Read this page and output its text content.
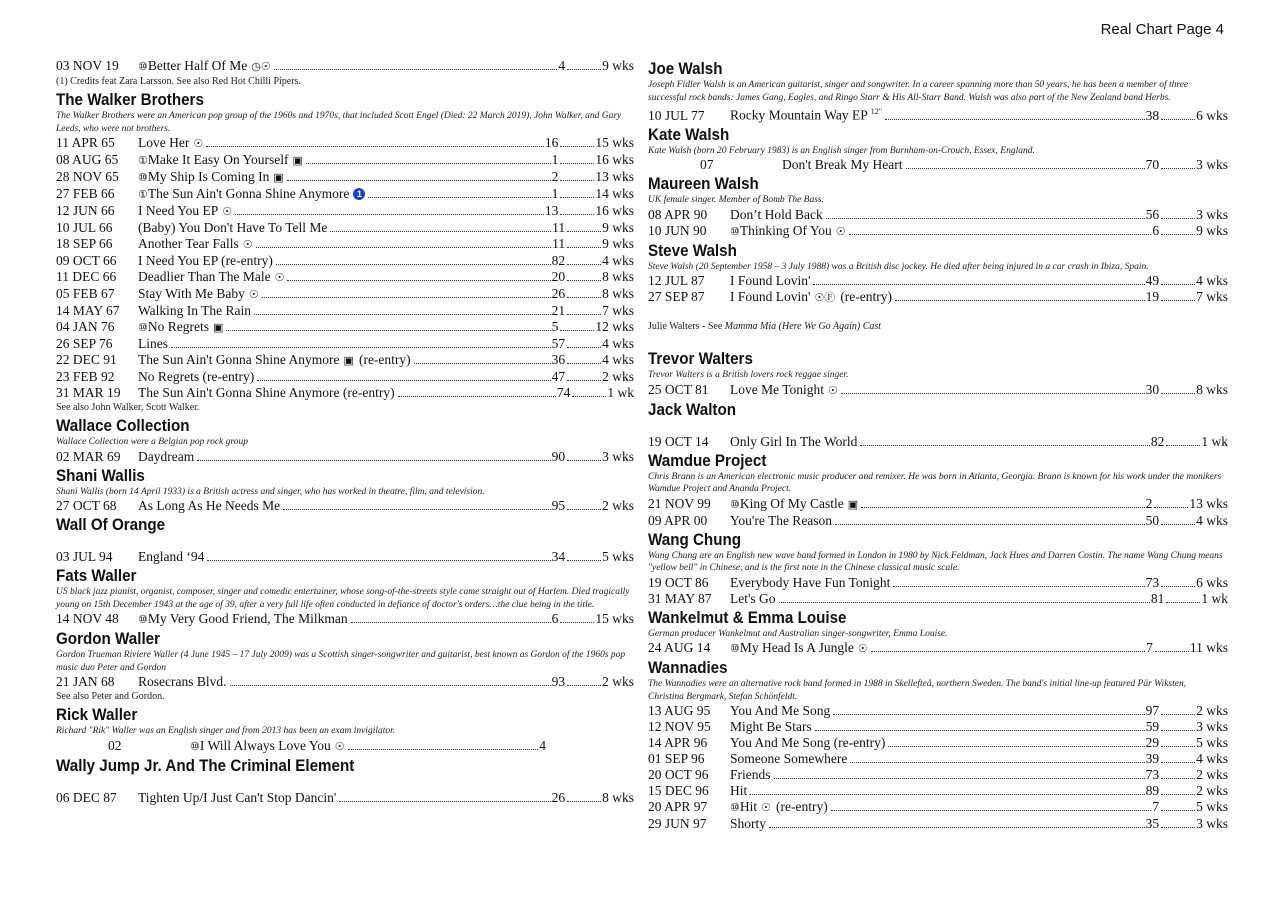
Real Chart Page 4
03 NOV 19	⑩Better Half Of Me ◷☉	4	9 wks
(1) Credits feat Zara Larsson. See also Red Hot Chilli Pipers.
The Walker Brothers
The Walker Brothers were an American pop group of the 1960s and 1970s, that included Scott Engel (Died: 22 March 2019), John Walker, and Gary Leeds, who were not brothers.
11 APR 65	Love Her ☉	16	15 wks
08 AUG 65	①Make It Easy On Yourself ▣	1	16 wks
28 NOV 65	⑩My Ship Is Coming In ▣	2	13 wks
27 FEB 66	①The Sun Ain't Gonna Shine Anymore 1	1	14 wks
12 JUN 66	I Need You EP ☉	13	16 wks
10 JUL 66	(Baby) You Don't Have To Tell Me	11	9 wks
18 SEP 66	Another Tear Falls ☉	11	9 wks
09 OCT 66	I Need You EP (re-entry)	82	4 wks
11 DEC 66	Deadlier Than The Male ☉	20	8 wks
05 FEB 67	Stay With Me Baby ☉	26	8 wks
14 MAY 67	Walking In The Rain	21	7 wks
04 JAN 76	⑩No Regrets ▣	5	12 wks
26 SEP 76	Lines	57	4 wks
22 DEC 91	The Sun Ain't Gonna Shine Anymore ▣ (re-entry)	36	4 wks
23 FEB 92	No Regrets (re-entry)	47	2 wks
31 MAR 19	The Sun Ain't Gonna Shine Anymore (re-entry)	74	1 wk
See also John Walker, Scott Walker.
Wallace Collection
Wallace Collection were a Belgian pop rock group
02 MAR 69	Daydream	90	3 wks
Shani Wallis
Shani Wallis (born 14 April 1933) is a British actress and singer, who has worked in theatre, film, and television.
27 OCT 68	As Long As He Needs Me	95	2 wks
Wall Of Orange
03 JUL 94	England ‘94	34	5 wks
Fats Waller
US black jazz pianist, organist, composer, singer and comedic entertainer, whose song-of-the-streets style came straight out of Harlem. Died tragically young on 15th December 1943 at the age of 39, after a very full life often conducted in defiance of doctor's orders…the clue being in the title.
14 NOV 48	⑩My Very Good Friend, The Milkman	6	15 wks
Gordon Waller
Gordon Trueman Riviere Waller (4 June 1945 – 17 July 2009) was a Scottish singer-songwriter and guitarist, best known as Gordon of the 1960s pop music duo Peter and Gordon
21 JAN 68	Rosecrans Blvd.	93	2 wks
See also Peter and Gordon.
Rick Waller
Richard "Rik" Waller was an English singer and from 2013 has been an exam invigilator.
02	⑩I Will Always Love You ☉	4
Wally Jump Jr. And The Criminal Element
06 DEC 87	Tighten Up/I Just Can't Stop Dancin'	26	8 wks
Joe Walsh
Joseph Fidler Walsh is an American guitarist, singer and songwriter. In a career spanning more than 50 years, he has been a member of three successful rock bands: James Gang, Eagles, and Ringo Starr & His All-Starr Band. Walsh was also part of the New Zealand band Herbs.
10 JUL 77	Rocky Mountain Way EP $^{12"}$	38	6 wks
Kate Walsh
Kate Walsh (born 20 February 1983) is an English singer from Burnham-on-Crouch, Essex, England.
07	Don't Break My Heart	70	3 wks
Maureen Walsh
UK female singer. Member of Bomb The Bass.
08 APR 90	Don’t Hold Back	56	3 wks
10 JUN 90	⑩Thinking Of You ☉	6	9 wks
Steve Walsh
Steve Walsh (20 September 1958 – 3 July 1988) was a British disc jockey. He died after being injured in a car crash in Ibiza, Spain.
12 JUL 87	I Found Lovin'	49	4 wks
27 SEP 87	I Found Lovin' ☉Ⓕ (re-entry)	19	7 wks
Julie Walters - See Mamma Mia (Here We Go Again) Cast
Trevor Walters
Trevor Walters is a British lovers rock reggae singer.
25 OCT 81	Love Me Tonight ☉	30	8 wks
Jack Walton
19 OCT 14	Only Girl In The World	82	1 wk
Wamdue Project
Chris Brann is an American electronic music producer and remixer. He was born in Atlanta, Georgia. Brann is known for his work under the monikers Wamdue Project and Ananda Project.
21 NOV 99	⑩King Of My Castle ▣	2	13 wks
09 APR 00	You're The Reason	50	4 wks
Wang Chung
Wang Chung are an English new wave band formed in London in 1980 by Nick Feldman, Jack Hues and Darren Costin. The name Wang Chung means "yellow bell" in Chinese, and is the first note in the Chinese classical music scale.
19 OCT 86	Everybody Have Fun Tonight	73	6 wks
31 MAY 87	Let's Go	81	1 wk
Wankelmut & Emma Louise
German producer Wankelmut and Australian singer-songwriter, Emma Louise.
24 AUG 14	⑩My Head Is A Jungle ☉	7	11 wks
Wannadies
The Wannadies were an alternative rock band formed in 1988 in Skellefteå, northern Sweden. The band's initial line-up featured Pär Wiksten, Christina Bergmark, Stefan Schönfeldt.
13 AUG 95	You And Me Song	97	2 wks
12 NOV 95	Might Be Stars	59	3 wks
14 APR 96	You And Me Song (re-entry)	29	5 wks
01 SEP 96	Someone Somewhere	39	4 wks
20 OCT 96	Friends	73	2 wks
15 DEC 96	Hit	89	2 wks
20 APR 97	⑩Hit ☉ (re-entry)	7	5 wks
29 JUN 97	Shorty	35	3 wks
